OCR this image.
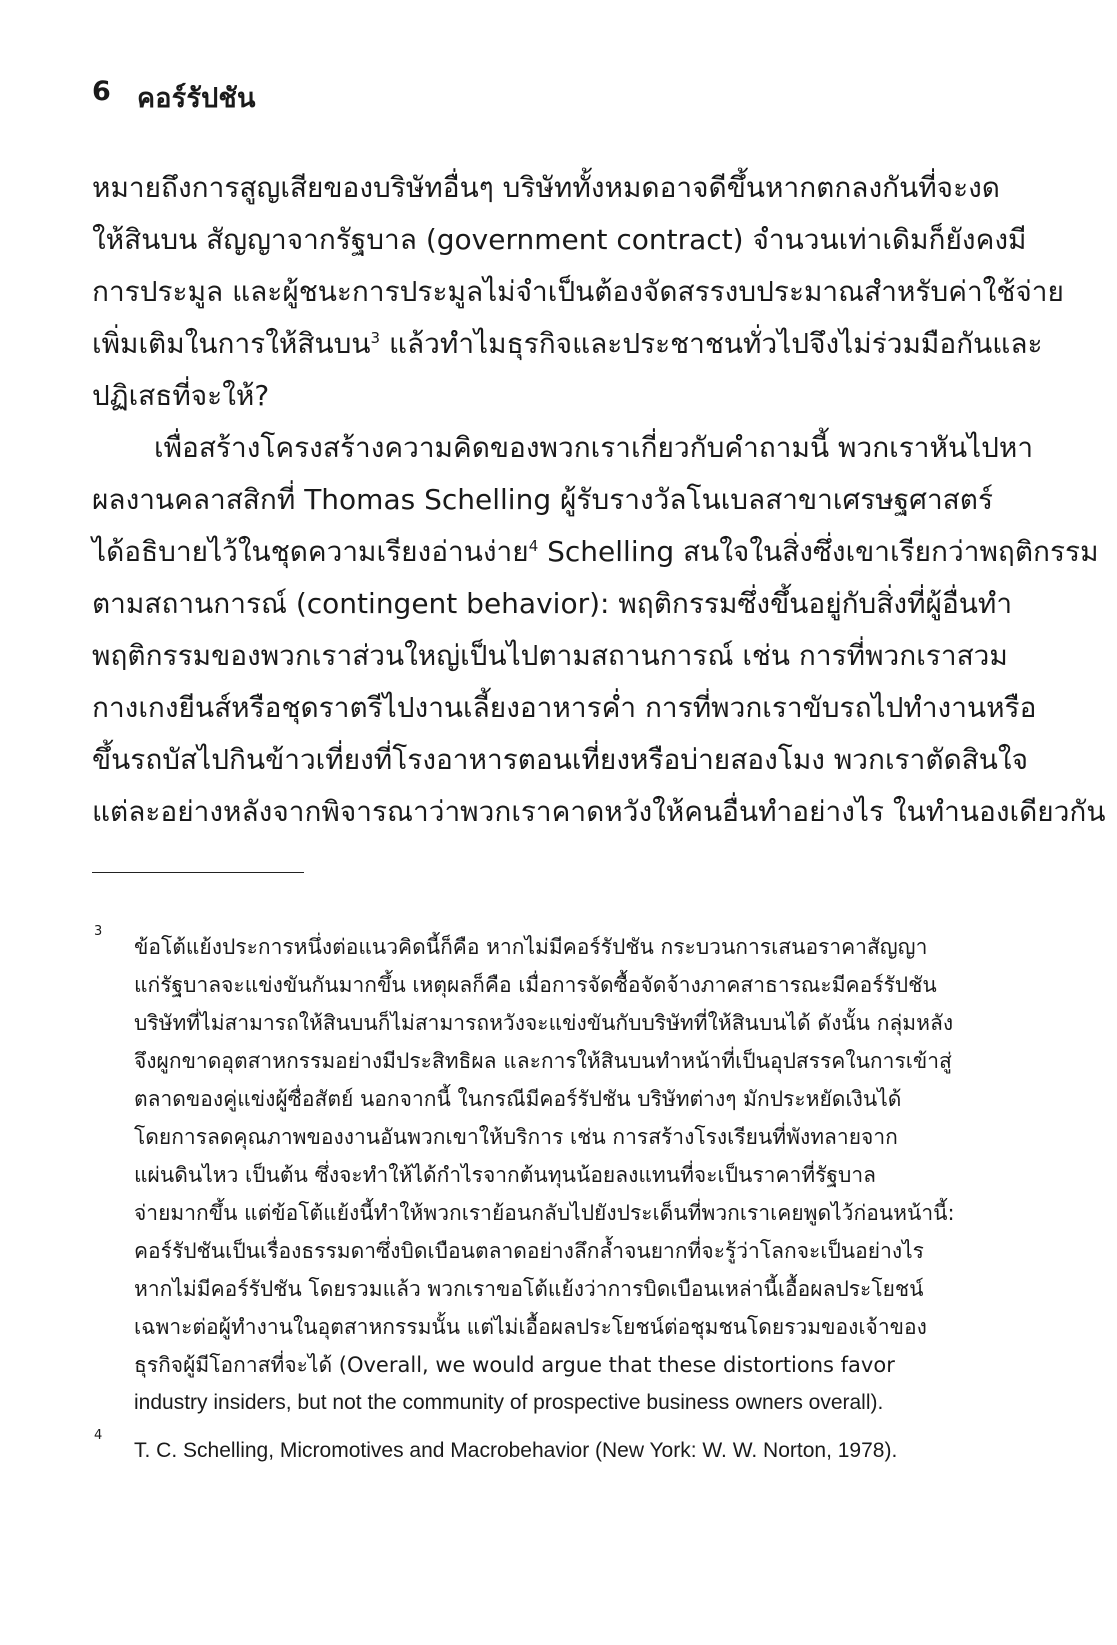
6 คอร์รัปชัน
หมายถึงการสูญเสียของบริษัทอื่นๆ บริษัททั้งหมดอาจดีขึ้นหากตกลงกันที่จะงด
ให้สินบน สัญญาจากรัฐบาล (government contract) จำนวนเท่าเดิมก็ยังคงมี
การประมูล และผู้ชนะการประมูลไม่จำเป็นต้องจัดสรรงบประมาณสำหรับค่าใช้จ่าย
เพิ่มเติมในการให้สินบน$^3$ แล้วทำไมธุรกิจและประชาชนทั่วไปจึงไม่ร่วมมือกันและ
ปฏิเสธที่จะให้?
เพื่อสร้างโครงสร้างความคิดของพวกเราเกี่ยวกับคำถามนี้ พวกเราหันไปหา
ผลงานคลาสสิกที่ Thomas Schelling ผู้รับรางวัลโนเบลสาขาเศรษฐศาสตร์
ได้อธิบายไว้ในชุดความเรียงอ่านง่าย$^4$ Schelling สนใจในสิ่งซึ่งเขาเรียกว่าพฤติกรรม
ตามสถานการณ์ (contingent behavior): พฤติกรรมซึ่งขึ้นอยู่กับสิ่งที่ผู้อื่นทำ
พฤติกรรมของพวกเราส่วนใหญ่เป็นไปตามสถานการณ์ เช่น การที่พวกเราสวม
กางเกงยีนส์หรือชุดราตรีไปงานเลี้ยงอาหารค่ำ การที่พวกเราขับรถไปทำงานหรือ
ขึ้นรถบัสไปกินข้าวเที่ยงที่โรงอาหารตอนเที่ยงหรือบ่ายสองโมง พวกเราตัดสินใจ
แต่ละอย่างหลังจากพิจารณาว่าพวกเราคาดหวังให้คนอื่นทำอย่างไร ในทำนองเดียวกัน
3
ข้อโต้แย้งประการหนึ่งต่อแนวคิดนี้ก็คือ หากไม่มีคอร์รัปชัน กระบวนการเสนอราคาสัญญา
แก่รัฐบาลจะแข่งขันกันมากขึ้น เหตุผลก็คือ เมื่อการจัดซื้อจัดจ้างภาคสาธารณะมีคอร์รัปชัน
บริษัทที่ไม่สามารถให้สินบนก็ไม่สามารถหวังจะแข่งขันกับบริษัทที่ให้สินบนได้ ดังนั้น กลุ่มหลัง
จึงผูกขาดอุตสาหกรรมอย่างมีประสิทธิผล และการให้สินบนทำหน้าที่เป็นอุปสรรคในการเข้าสู่
ตลาดของคู่แข่งผู้ซื่อสัตย์ นอกจากนี้ ในกรณีมีคอร์รัปชัน บริษัทต่างๆ มักประหยัดเงินได้
โดยการลดคุณภาพของงานอันพวกเขาให้บริการ เช่น การสร้างโรงเรียนที่พังทลายจาก
แผ่นดินไหว เป็นต้น ซึ่งจะทำให้ได้กำไรจากต้นทุนน้อยลงแทนที่จะเป็นราคาที่รัฐบาล
จ่ายมากขึ้น แต่ข้อโต้แย้งนี้ทำให้พวกเราย้อนกลับไปยังประเด็นที่พวกเราเคยพูดไว้ก่อนหน้านี้:
คอร์รัปชันเป็นเรื่องธรรมดาซึ่งบิดเบือนตลาดอย่างลึกล้ำจนยากที่จะรู้ว่าโลกจะเป็นอย่างไร
หากไม่มีคอร์รัปชัน โดยรวมแล้ว พวกเราขอโต้แย้งว่าการบิดเบือนเหล่านี้เอื้อผลประโยชน์
เฉพาะต่อผู้ทำงานในอุตสาหกรรมนั้น แต่ไม่เอื้อผลประโยชน์ต่อชุมชนโดยรวมของเจ้าของ
ธุรกิจผู้มีโอกาสที่จะได้ (Overall, we would argue that these distortions favor
industry insiders, but not the community of prospective business owners overall).
4
T. C. Schelling, Micromotives and Macrobehavior (New York: W. W. Norton, 1978).
